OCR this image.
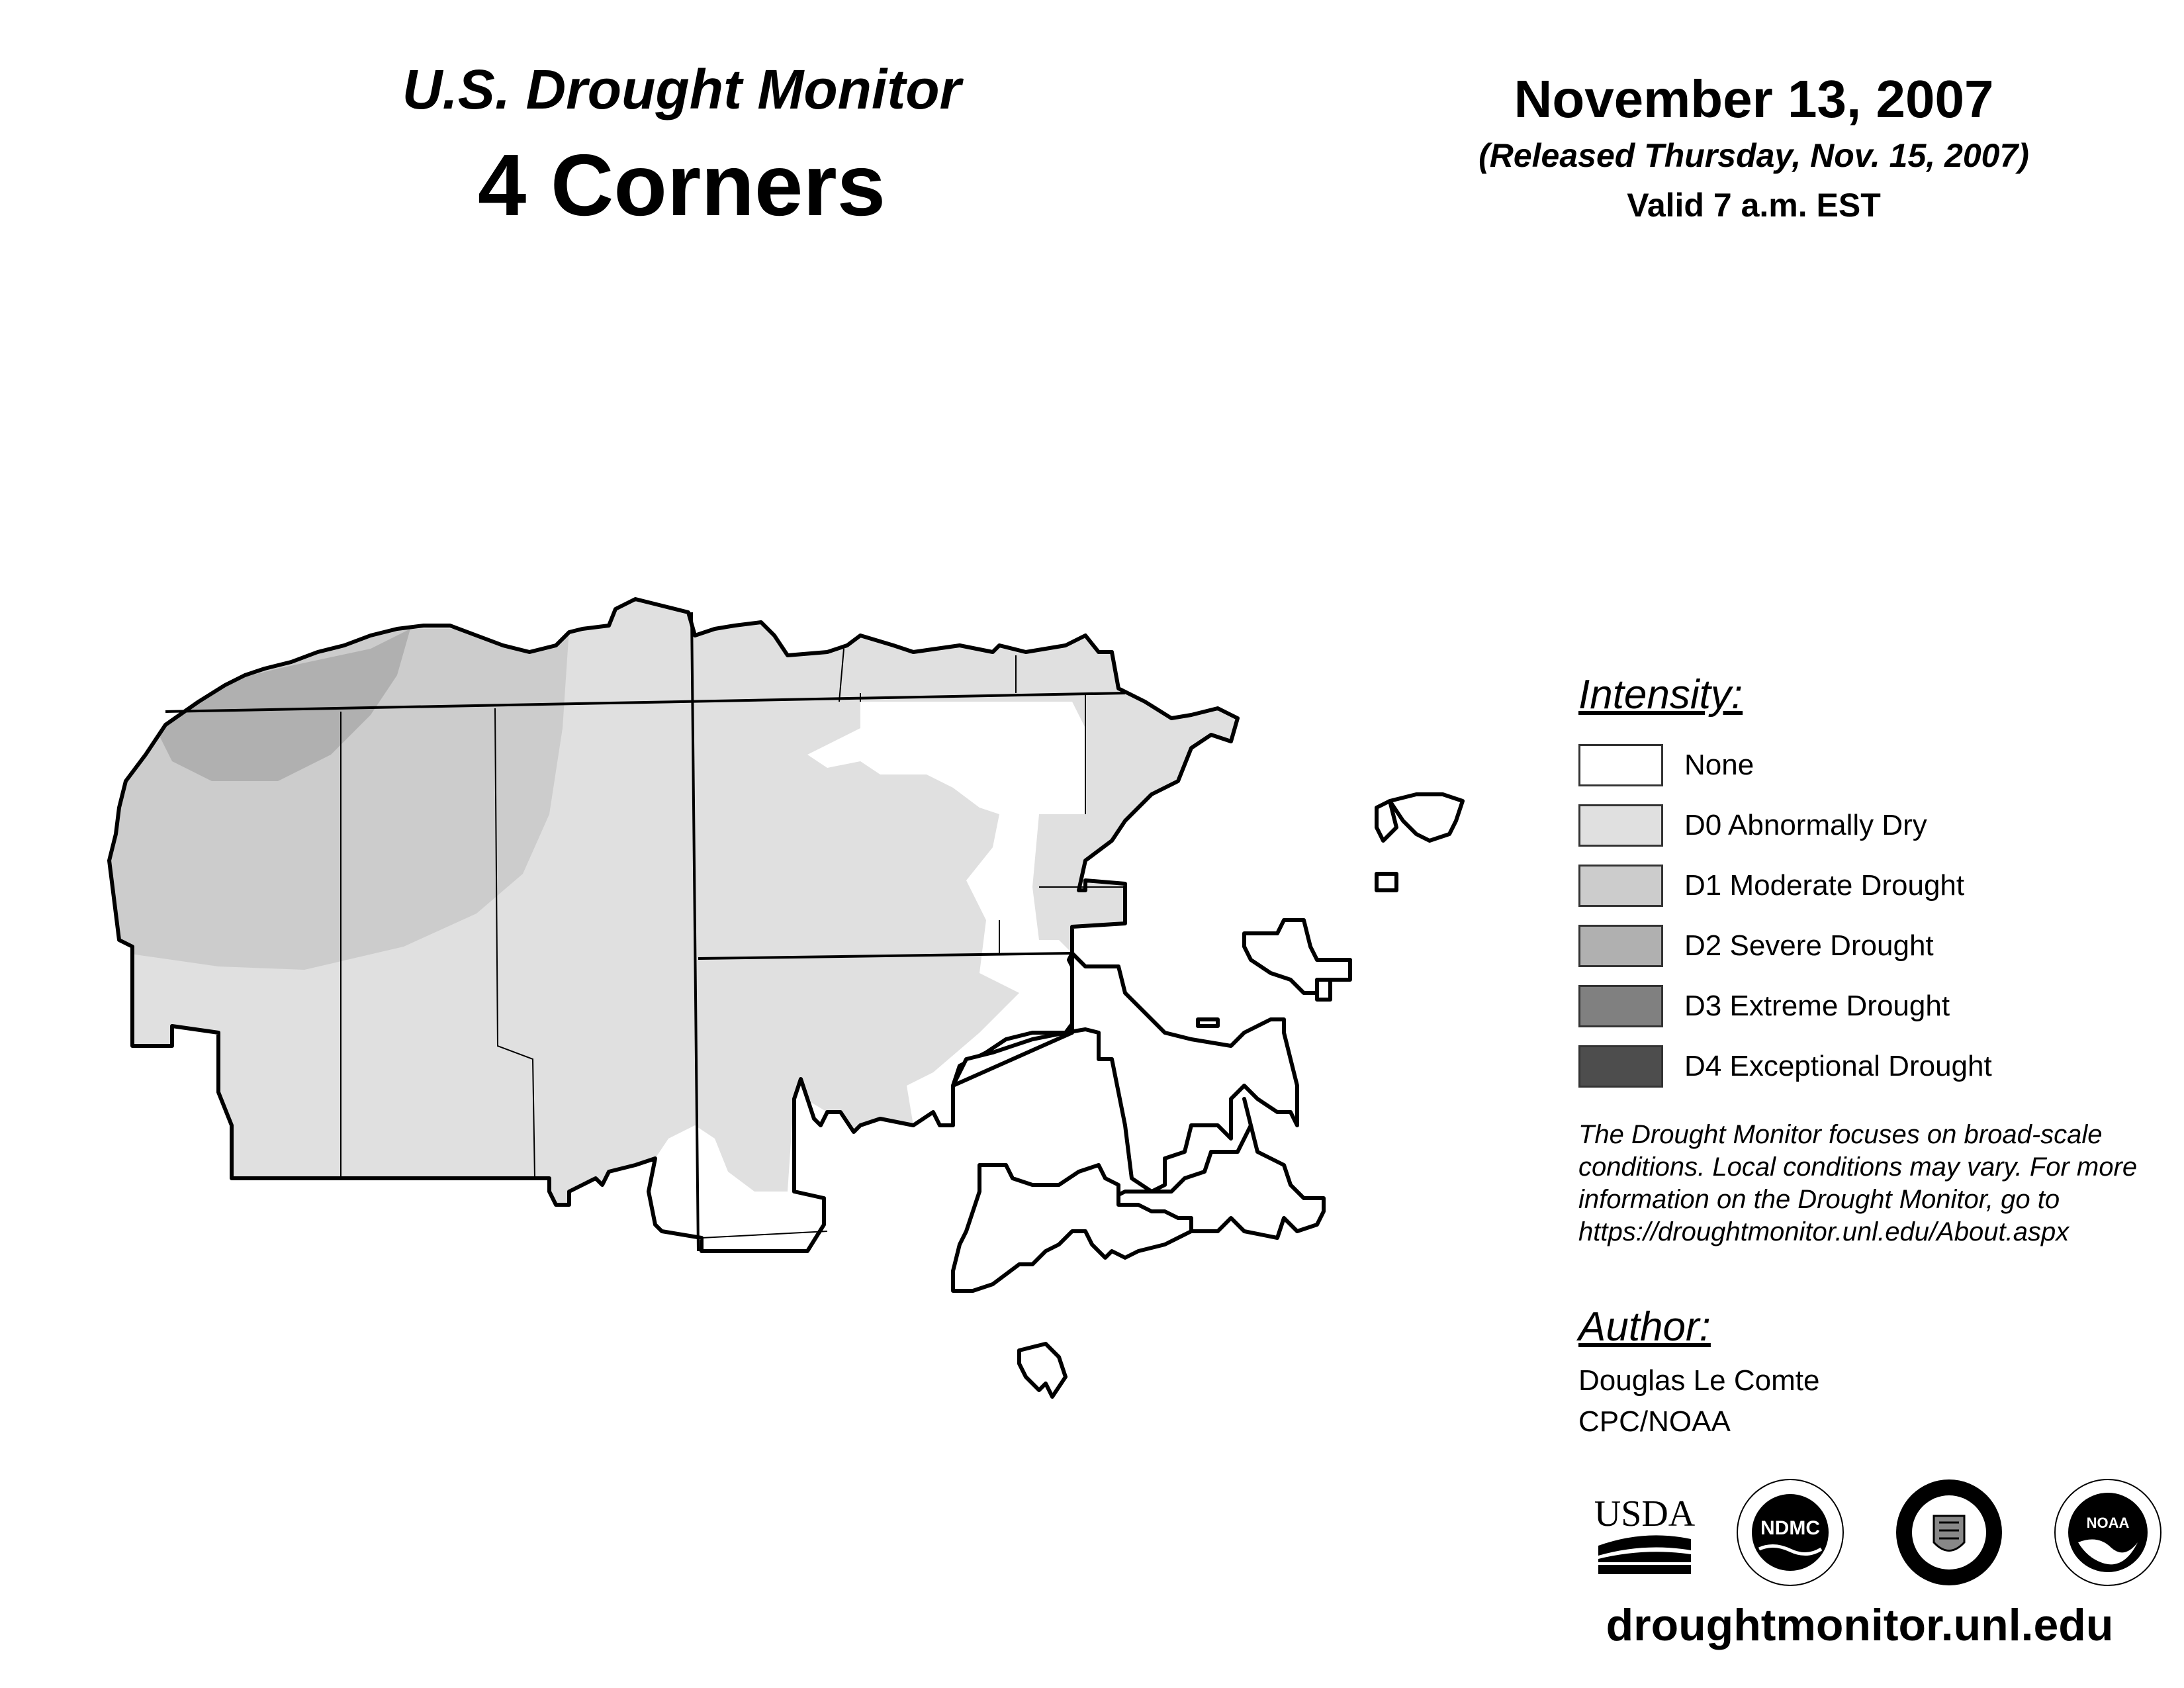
U.S. Drought Monitor
4 Corners
November 13, 2007
(Released Thursday, Nov. 15, 2007)
Valid 7 a.m. EST
Intensity:
None
D0 Abnormally Dry
D1 Moderate Drought
D2 Severe Drought
D3 Extreme Drought
D4 Exceptional Drought
The Drought Monitor focuses on broad-scale conditions. Local conditions may vary. For more information on the Drought Monitor, go to https://droughtmonitor.unl.edu/About.aspx
Author:
Douglas Le Comte
CPC/NOAA
USDA	NDMC	NOAA
droughtmonitor.unl.edu
